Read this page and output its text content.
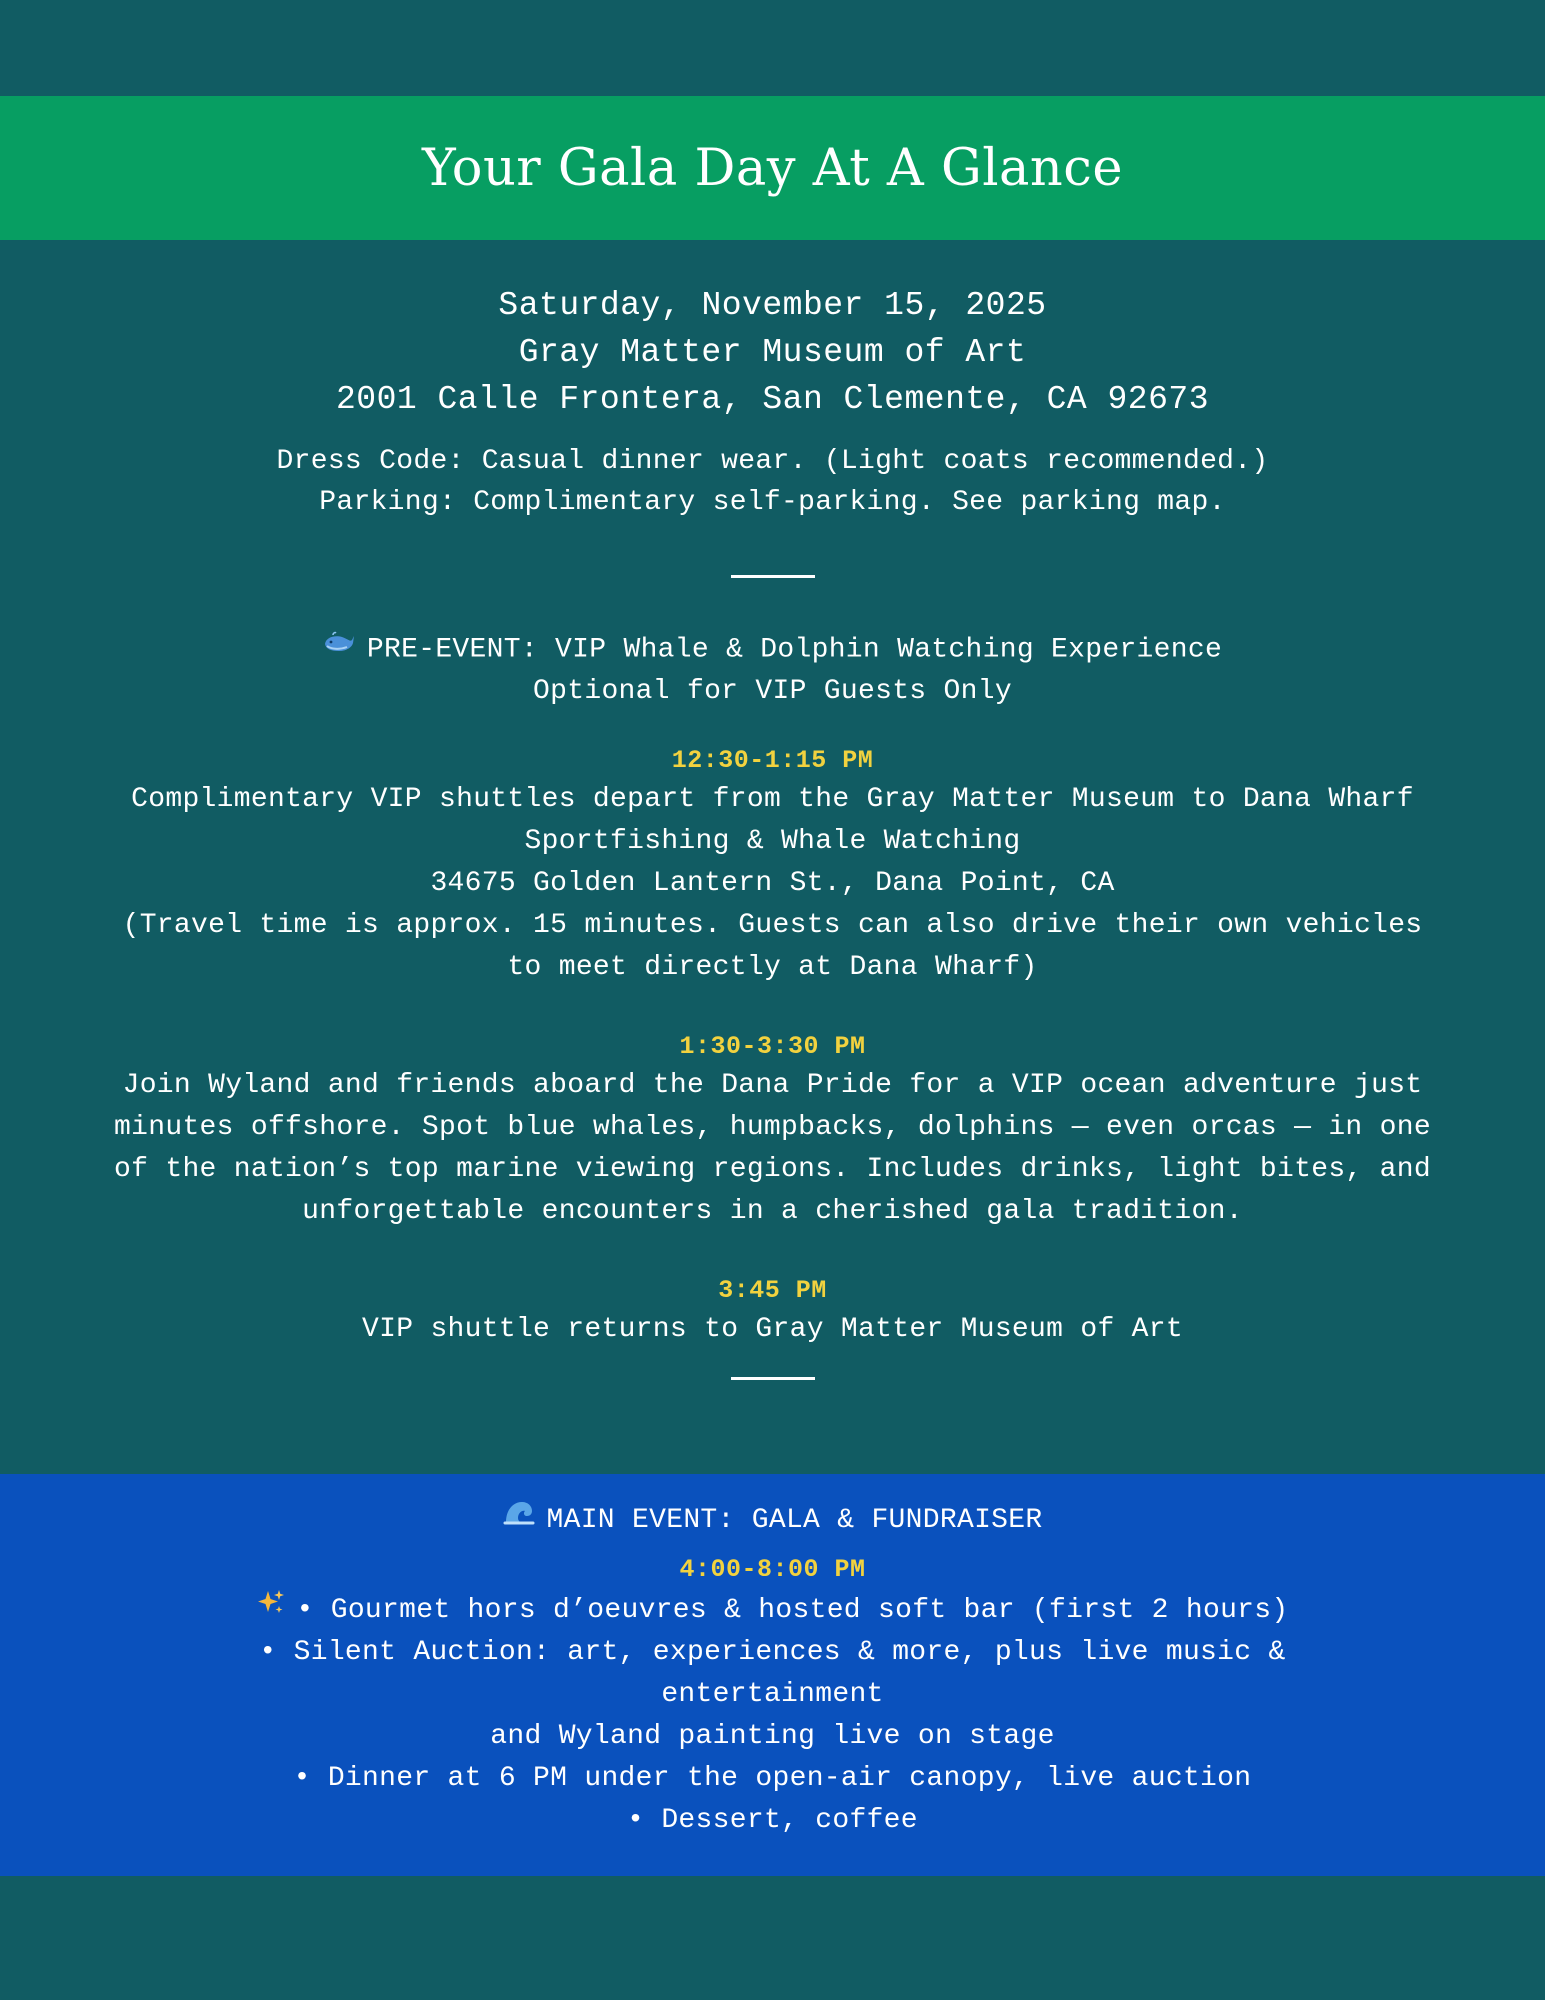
Your Gala Day At A Glance
Saturday, November 15, 2025
Gray Matter Museum of Art
2001 Calle Frontera, San Clemente, CA 92673
Dress Code: Casual dinner wear. (Light coats recommended.)
Parking: Complimentary self-parking. See parking map.
PRE-EVENT: VIP Whale & Dolphin Watching Experience
Optional for VIP Guests Only
12:30-1:15 PM
Complimentary VIP shuttles depart from the Gray Matter Museum to Dana Wharf Sportfishing & Whale Watching
34675 Golden Lantern St., Dana Point, CA
(Travel time is approx. 15 minutes. Guests can also drive their own vehicles to meet directly at Dana Wharf)
1:30-3:30 PM
Join Wyland and friends aboard the Dana Pride for a VIP ocean adventure just minutes offshore. Spot blue whales, humpbacks, dolphins — even orcas — in one of the nation’s top marine viewing regions. Includes drinks, light bites, and unforgettable encounters in a cherished gala tradition.
3:45 PM
VIP shuttle returns to Gray Matter Museum of Art
MAIN EVENT: GALA & FUNDRAISER
4:00-8:00 PM
• Gourmet hors d’oeuvres & hosted soft bar (first 2 hours)
• Silent Auction: art, experiences & more, plus live music & entertainment
and Wyland painting live on stage
• Dinner at 6 PM under the open-air canopy, live auction
• Dessert, coffee
